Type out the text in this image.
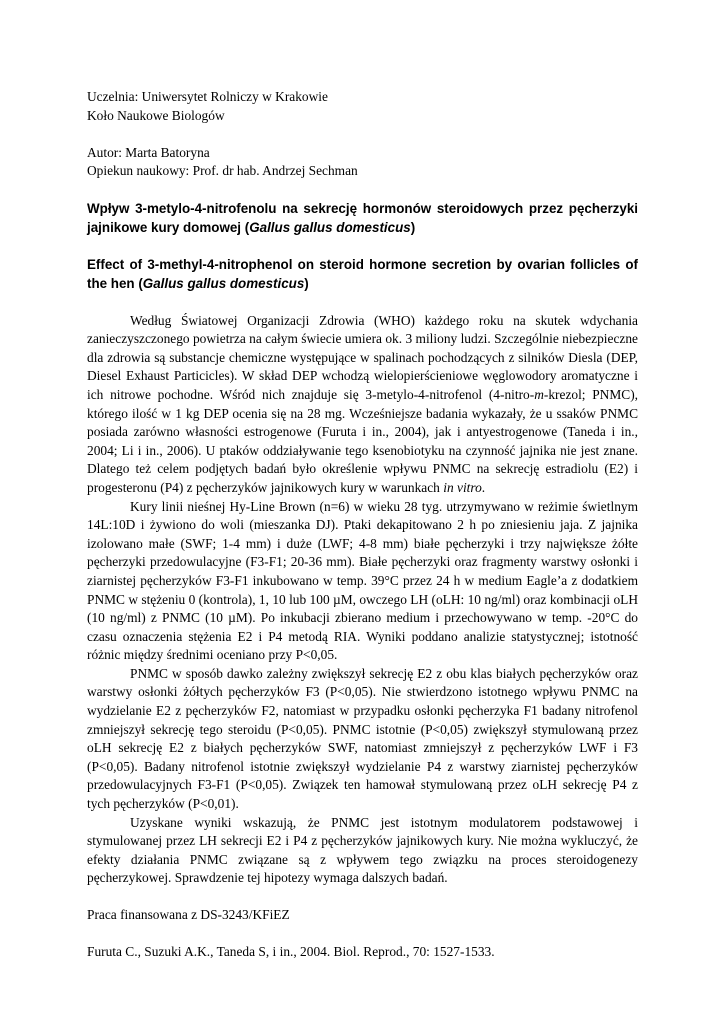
Uczelnia: Uniwersytet Rolniczy w Krakowie
Koło Naukowe Biologów
Autor: Marta Batoryna
Opiekun naukowy: Prof. dr hab. Andrzej Sechman

Wpływ 3-metylo-4-nitrofenolu na sekrecję hormonów steroidowych przez pęcherzyki jajnikowe kury domowej (Gallus gallus domesticus)

Effect of 3-methyl-4-nitrophenol on steroid hormone secretion by ovarian follicles of the hen (Gallus gallus domesticus)

Według Światowej Organizacji Zdrowia (WHO) każdego roku na skutek wdychania zanieczyszczonego powietrza na całym świecie umiera ok. 3 miliony ludzi. Szczególnie niebezpieczne dla zdrowia są substancje chemiczne występujące w spalinach pochodzących z silników Diesla (DEP, Diesel Exhaust Particicles). W skład DEP wchodzą wielopierścieniowe węglowodory aromatyczne i ich nitrowe pochodne. Wśród nich znajduje się 3-metylo-4-nitrofenol (4-nitro-m-krezol; PNMC), którego ilość w 1 kg DEP ocenia się na 28 mg. Wcześniejsze badania wykazały, że u ssaków PNMC posiada zarówno własności estrogenowe (Furuta i in., 2004), jak i antyestrogenowe (Taneda i in., 2004; Li i in., 2006). U ptaków oddziaływanie tego ksenobiotyku na czynność jajnika nie jest znane. Dlatego też celem podjętych badań było określenie wpływu PNMC na sekrecję estradiolu (E2) i progesteronu (P4) z pęcherzyków jajnikowych kury w warunkach in vitro.

Kury linii nieśnej Hy-Line Brown (n=6) w wieku 28 tyg. utrzymywano w reżimie świetlnym 14L:10D i żywiono do woli (mieszanka DJ). Ptaki dekapitowano 2 h po zniesieniu jaja. Z jajnika izolowano małe (SWF; 1-4 mm) i duże (LWF; 4-8 mm) białe pęcherzyki i trzy największe żółte pęcherzyki przedowulacyjne (F3-F1; 20-36 mm). Białe pęcherzyki oraz fragmenty warstwy osłonki i ziarnistej pęcherzyków F3-F1 inkubowano w temp. 39°C przez 24 h w medium Eagle’a z dodatkiem PNMC w stężeniu 0 (kontrola), 1, 10 lub 100 µM, owczego LH (oLH: 10 ng/ml) oraz kombinacji oLH (10 ng/ml) z PNMC (10 µM). Po inkubacji zbierano medium i przechowywano w temp. -20°C do czasu oznaczenia stężenia E2 i P4 metodą RIA. Wyniki poddano analizie statystycznej; istotność różnic między średnimi oceniano przy P<0,05.

PNMC w sposób dawko zależny zwiększył sekrecję E2 z obu klas białych pęcherzyków oraz warstwy osłonki żółtych pęcherzyków F3 (P<0,05). Nie stwierdzono istotnego wpływu PNMC na wydzielanie E2 z pęcherzyków F2, natomiast w przypadku osłonki pęcherzyka F1 badany nitrofenol zmniejszył sekrecję tego steroidu (P<0,05). PNMC istotnie (P<0,05) zwiększył stymulowaną przez oLH sekrecję E2 z białych pęcherzyków SWF, natomiast zmniejszył z pęcherzyków LWF i F3 (P<0,05). Badany nitrofenol istotnie zwiększył wydzielanie P4 z warstwy ziarnistej pęcherzyków przedowulacyjnych F3-F1 (P<0,05). Związek ten hamował stymulowaną przez oLH sekrecję P4 z tych pęcherzyków (P<0,01).

Uzyskane wyniki wskazują, że PNMC jest istotnym modulatorem podstawowej i stymulowanej przez LH sekrecji E2 i P4 z pęcherzyków jajnikowych kury. Nie można wykluczyć, że efekty działania PNMC związane są z wpływem tego związku na proces steroidogenezy pęcherzykowej. Sprawdzenie tej hipotezy wymaga dalszych badań.

Praca finansowana z DS-3243/KFiEZ

Furuta C., Suzuki A.K., Taneda S, i in., 2004. Biol. Reprod., 70: 1527-1533.
